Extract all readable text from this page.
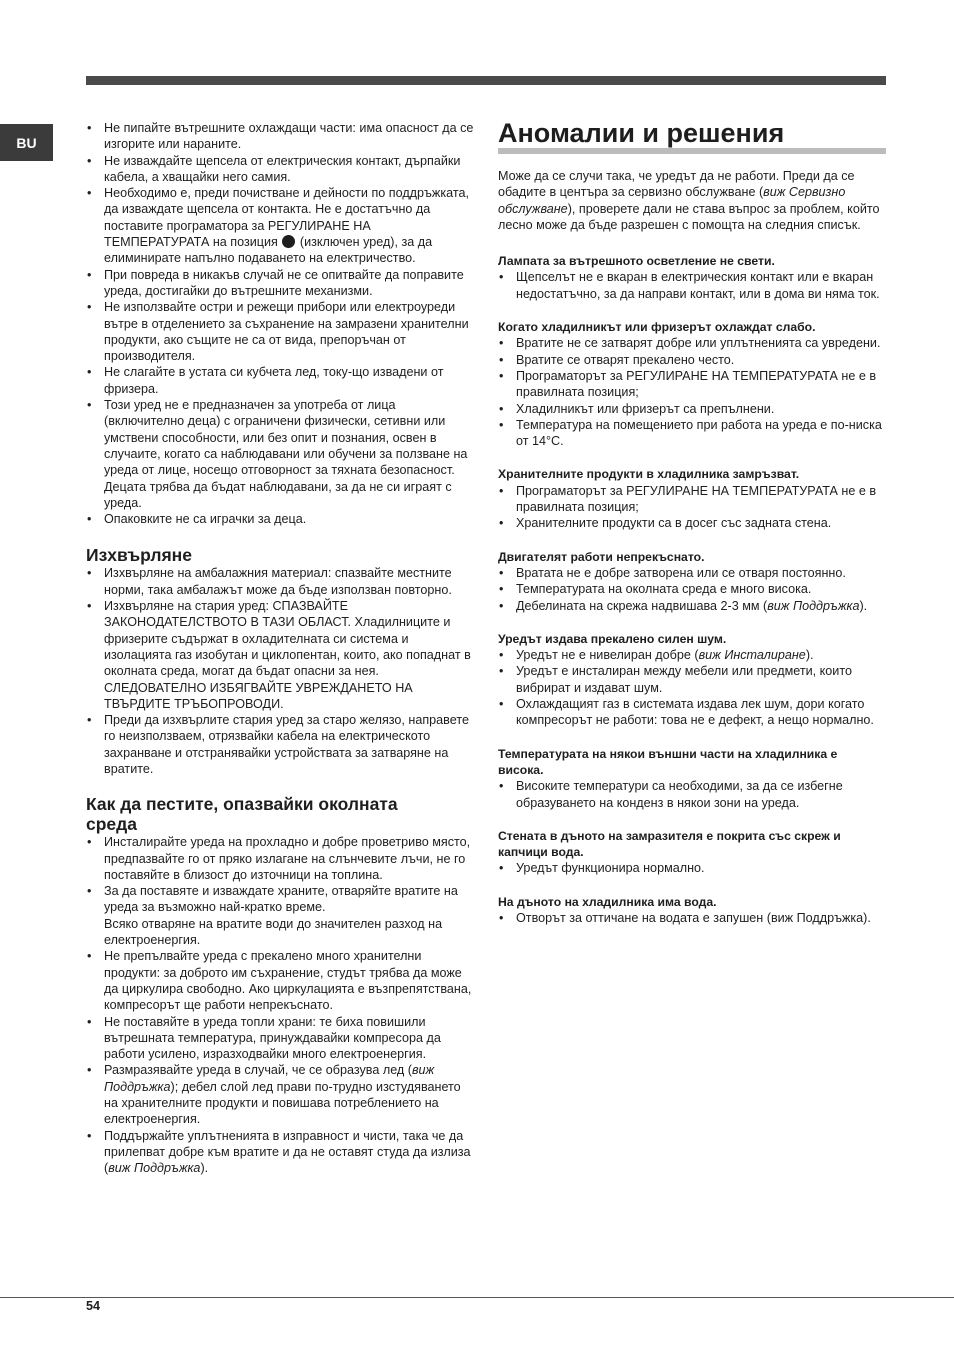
BU
• Не пипайте вътрешните охлаждащи части: има опасност да се изгорите или нараните.
• Не изваждайте щепсела от електрическия контакт, дърпайки кабела, а хващайки него самия.
• Необходимо е, преди почистване и дейности по поддръжката, да изваждате щепсела от контакта. Не е достатъчно да поставите програматора за РЕГУЛИРАНЕ НА ТЕМПЕРАТУРАТА на позиция  (изключен уред), за да елиминирате напълно подаването на електричество.
• При повреда в никакъв случай не се опитвайте да поправите уреда, достигайки до вътрешните механизми.
• Не използвайте остри и режещи прибори или електроуреди вътре в отделението за съхранение на замразени хранителни продукти, ако същите не са от вида, препоръчан от производителя.
• Не слагайте в устата си кубчета лед, току-що извадени от фризера.
• Този уред не е предназначен за употреба от лица (включително деца) с ограничени физически, сетивни или умствени способности, или без опит и познания, освен в случаите, когато са наблюдавани или обучени за ползване на уреда от лице, носещо отговорност за тяхната безопасност. Децата трябва да бъдат наблюдавани, за да не си играят с уреда.
• Опаковките не са играчки за деца.
Изхвърляне
• Изхвърляне на амбалажния материал: спазвайте местните норми, така амбалажът може да бъде използван повторно.
• Изхвърляне на стария уред: СПАЗВАЙТЕ ЗАКОНОДАТЕЛСТВОТО В ТАЗИ ОБЛАСТ. Хладилниците и фризерите съдържат в охладителната си система и изолацията газ изобутан и циклопентан, които, ако попаднат в околната среда, могат да бъдат опасни за нея. СЛЕДОВАТЕЛНО ИЗБЯГВАЙТЕ УВРЕЖДАНЕТО НА ТВЪРДИТЕ ТРЪБОПРОВОДИ.
• Преди да изхвърлите стария уред за старо желязо, направете го неизползваем, отрязвайки кабела на електрическото захранване и отстранявайки устройствата за затваряне на вратите.
Как да пестите, опазвайки околната среда
• Инсталирайте уреда на прохладно и добре проветриво място, предпазвайте го от пряко излагане на слънчевите лъчи, не го поставяйте в близост до източници на топлина.
• За да поставяте и изваждате храните, отваряйте вратите на уреда за възможно най-кратко време.
Всяко отваряне на вратите води до значителен разход на електроенергия.
• Не препълвайте уреда с прекалено много хранителни продукти: за доброто им съхранение, студът трябва да може да циркулира свободно. Ако циркулацията е възпрепятствана, компресорът ще работи непрекъснато.
• Не поставяйте в уреда топли храни: те биха повишили вътрешната температура, принуждавайки компресора да работи усилено, изразходвайки много електроенергия.
• Размразявайте уреда в случай, че се образува лед (виж Поддръжка); дебел слой лед прави по-трудно изстудяването на хранителните продукти и повишава потреблението на електроенергия.
• Поддържайте уплътненията в изправност и чисти, така че да прилепват добре към вратите и да не оставят студа да излиза (виж Поддръжка).
Аномалии и решения

Може да се случи така, че уредът да не работи. Преди да се обадите в центъра за сервизно обслужване (виж Сервизно обслужване), проверете дали не става въпрос за проблем, който лесно може да бъде разрешен с помощта на следния списък.

Лампата за вътрешното осветление не свети.
• Щепселът не е вкаран в електрическия контакт или е вкаран недостатъчно, за да направи контакт, или в дома ви няма ток.
Когато хладилникът или фризерът охлаждат слабо.
• Вратите не се затварят добре или уплътненията са увредени.
• Вратите се отварят прекалено често.
• Програматорът за РЕГУЛИРАНЕ НА ТЕМПЕРАТУРАТА не е в правилната позиция;
• Хладилникът или фризерът са препълнени.
• Температура на помещението при работа на уреда е по-ниска от 14°C.
Хранителните продукти в хладилника замръзват.
• Програматорът за РЕГУЛИРАНЕ НА ТЕМПЕРАТУРАТА не е в правилната позиция;
• Хранителните продукти са в досег със задната стена.
Двигателят работи непрекъснато.
• Вратата не е добре затворена или се отваря постоянно.
• Температурата на околната среда е много висока.
• Дебелината на скрежа надвишава 2-3 мм (виж Поддръжка).
Уредът издава прекалено силен шум.
• Уредът не е нивелиран добре (виж Инсталиране).
• Уредът е инсталиран между мебели или предмети, които вибрират и издават шум.
• Охлаждащият газ в системата издава лек шум, дори когато компресорът не работи: това не е дефект, а нещо нормално.
Температурата на някои външни части на хладилника е висока.
• Високите температури са необходими, за да се избегне образуването на конденз в някои зони на уреда.
Стената в дъното на замразителя е покрита със скреж и капчици вода.
• Уредът функционира нормално.
На дъното на хладилника има вода.
• Отворът за оттичане на водата е запушен (виж Поддръжка).
54
